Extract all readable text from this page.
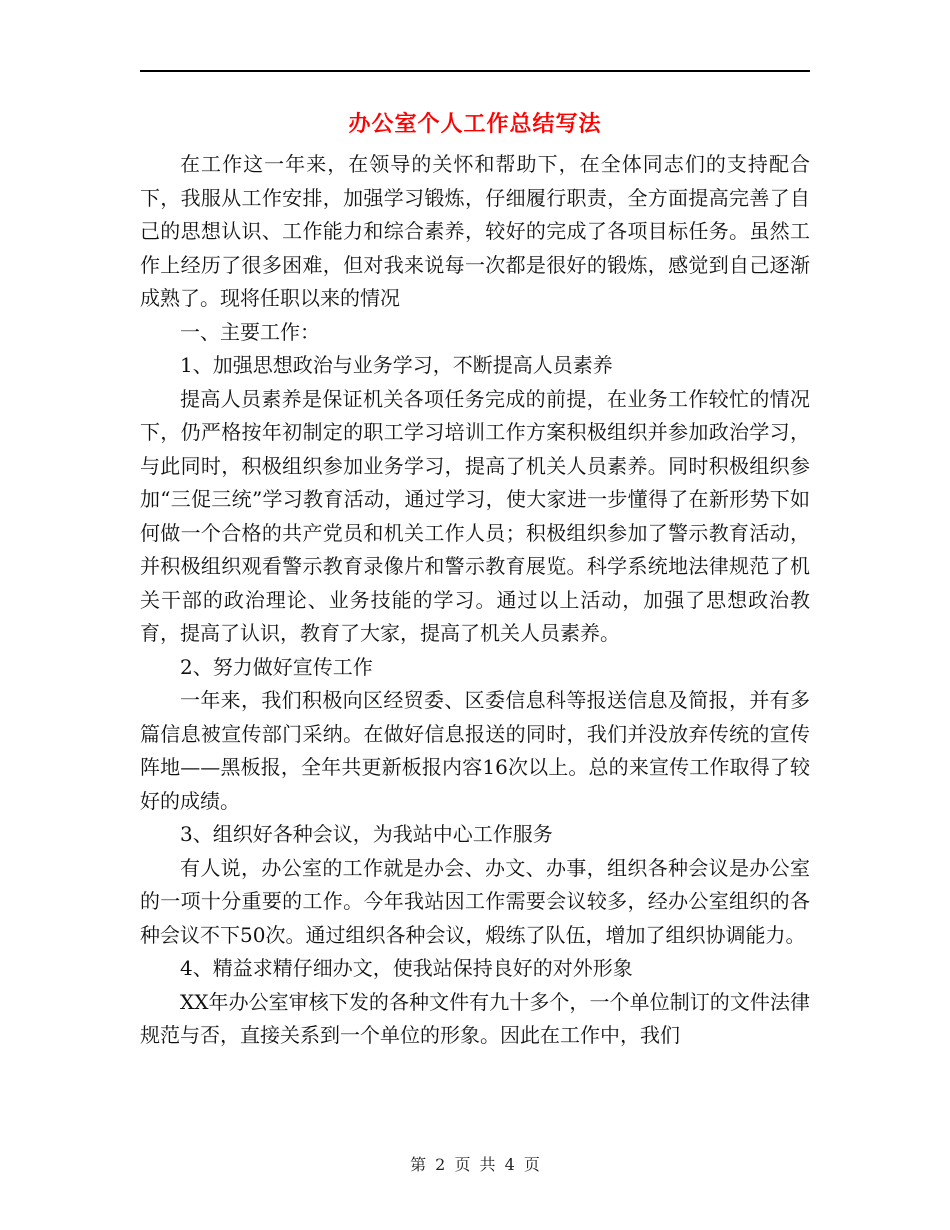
办公室个人工作总结写法

在工作这一年来，在领导的关怀和帮助下，在全体同志们的支持配合下，我服从工作安排，加强学习锻炼，仔细履行职责，全方面提高完善了自己的思想认识、工作能力和综合素养，较好的完成了各项目标任务。虽然工作上经历了很多困难，但对我来说每一次都是很好的锻炼，感觉到自己逐渐成熟了。现将任职以来的情况

一、主要工作：

1、加强思想政治与业务学习，不断提高人员素养

提高人员素养是保证机关各项任务完成的前提，在业务工作较忙的情况下，仍严格按年初制定的职工学习培训工作方案积极组织并参加政治学习，与此同时，积极组织参加业务学习，提高了机关人员素养。同时积极组织参加“三促三统”学习教育活动，通过学习，使大家进一步懂得了在新形势下如何做一个合格的共产党员和机关工作人员；积极组织参加了警示教育活动，并积极组织观看警示教育录像片和警示教育展览。科学系统地法律规范了机关干部的政治理论、业务技能的学习。通过以上活动，加强了思想政治教育，提高了认识，教育了大家，提高了机关人员素养。

2、努力做好宣传工作

一年来，我们积极向区经贸委、区委信息科等报送信息及简报，并有多篇信息被宣传部门采纳。在做好信息报送的同时，我们并没放弃传统的宣传阵地——黑板报，全年共更新板报内容16次以上。总的来宣传工作取得了较好的成绩。

3、组织好各种会议，为我站中心工作服务

有人说，办公室的工作就是办会、办文、办事，组织各种会议是办公室的一项十分重要的工作。今年我站因工作需要会议较多，经办公室组织的各种会议不下50次。通过组织各种会议，煅练了队伍，增加了组织协调能力。

4、精益求精仔细办文，使我站保持良好的对外形象

XX年办公室审核下发的各种文件有九十多个，一个单位制订的文件法律规范与否，直接关系到一个单位的形象。因此在工作中，我们

第 2 页 共 4 页
